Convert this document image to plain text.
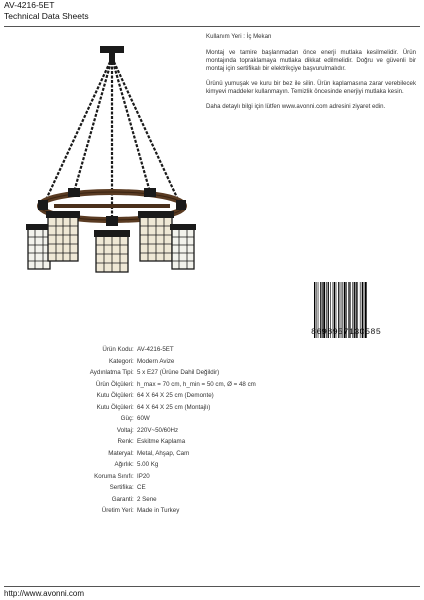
AV-4216-5ET
Technical Data Sheets

Kullanım Yeri : İç Mekan

Montaj ve tamire başlanmadan önce enerji mutlaka kesilmelidir. Ürün montajında topraklamaya mutlaka dikkat edilmelidir. Doğru ve güvenli bir montaj için sertifikalı bir elektrikçiye başvurulmalıdır.

Ürünü yumuşak ve kuru bir bez ile silin. Ürün kaplamasına zarar verebilecek kimyevi maddeler kullanmayın. Temizlik öncesinde enerjiyi mutlaka kesin.

Daha detaylı bilgi için lütfen www.avonni.com adresini ziyaret edin.

8698957130585
Ürün Kodu : AV-4216-5ET
Kategori : Modern Avize
Aydınlatma Tipi : 5 x E27 (Ürüne Dahil Değildir)
Ürün Ölçüleri : h_max = 70 cm, h_min = 50 cm, Ø = 48 cm
Kutu Ölçüleri : 64 X 64 X 25 cm (Demonte)
Kutu Ölçüleri : 64 X 64 X 25 cm (Montajlı)
Güç : 60W
Voltaj : 220V~50/60Hz
Renk : Eskitme Kaplama
Materyal : Metal, Ahşap, Cam
Ağırlık : 5.00 Kg
Koruma Sınıfı : IP20
Sertifika : CE
Garanti : 2 Sene
Üretim Yeri : Made in Turkey
http://www.avonni.com
